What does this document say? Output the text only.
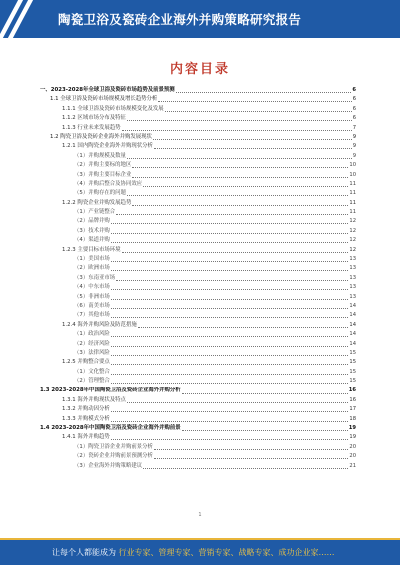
陶瓷卫浴及瓷砖企业海外并购策略研究报告
内容目录
一、2023-2028年全球卫浴及瓷砖市场趋势及前景预测	6
1.1 全球卫浴及瓷砖市场规模及增长趋势分析	6
1.1.1 全球卫浴及瓷砖市场规模变化及发展	6
1.1.2 区域市场分布及特征	6
1.1.3 行业未来发展趋势	7
1.2 陶瓷卫浴及瓷砖企业海外并购发展现状	9
1.2.1 国内陶瓷企业海外并购现状分析	9
（1）并购规模及数量	9
（2）并购主要标的地区	10
（3）并购主要目标企业	10
（4）并购后整合及协同效应	11
（5）并购存在的问题	11
1.2.2 陶瓷企业并购发展趋势	11
（1）产业链整合	11
（2）品牌并购	12
（3）技术并购	12
（4）渠道并购	12
1.2.3 主要目标市场环境	12
（1）美国市场	13
（2）欧洲市场	13
（3）东南亚市场	13
（4）中东市场	13
（5）非洲市场	13
（6）南美市场	14
（7）其他市场	14
1.2.4 海外并购风险及防范措施	14
（1）政治风险	14
（2）经济风险	14
（3）法律风险	15
1.2.5 并购整合要点	15
（1）文化整合	15
（2）管理整合	15
1.3 2023-2028年中国陶瓷卫浴及瓷砖企业海外并购分析	16
1.3.1 海外并购现状及特点	16
1.3.2 并购动因分析	17
1.3.3 并购模式分析	18
1.4 2023-2028年中国陶瓷卫浴及瓷砖企业海外并购前景	19
1.4.1 海外并购趋势	19
（1）陶瓷卫浴企业并购前景分析	20
（2）瓷砖企业并购前景预测分析	20
（3）企业海外并购策略建议	21
1
让每个人都能成为 行业专家、管理专家、营销专家、战略专家、成功企业家……
